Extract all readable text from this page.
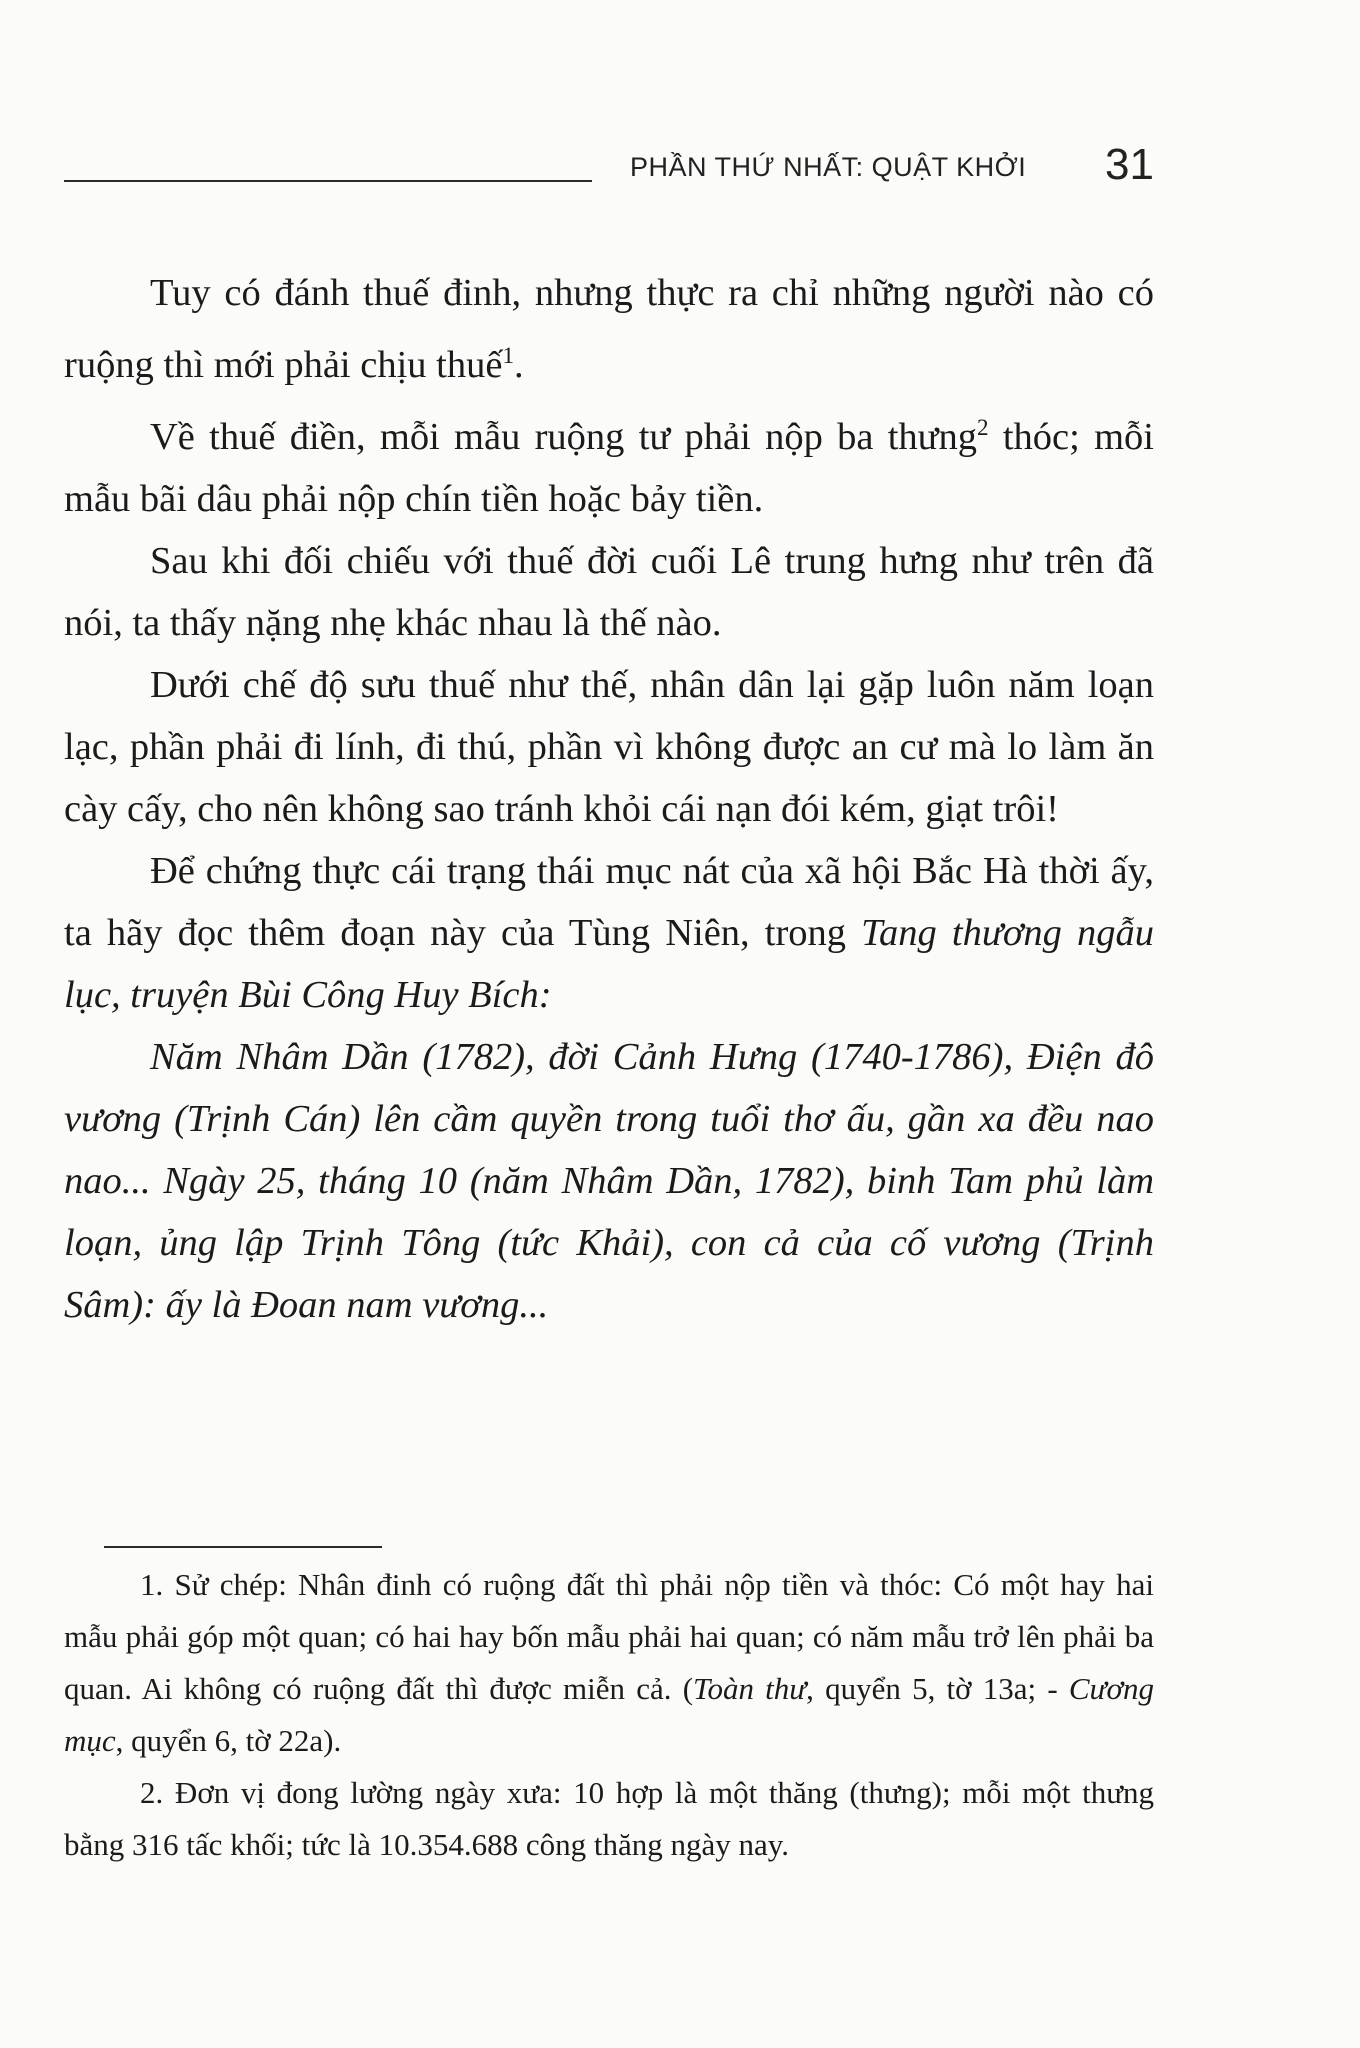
PHẦN THỨ NHẤT: QUẬT KHỞI 31

Tuy có đánh thuế đinh, nhưng thực ra chỉ những người nào có ruộng thì mới phải chịu thuế$^1$.

Về thuế điền, mỗi mẫu ruộng tư phải nộp ba thưng$^2$ thóc; mỗi mẫu bãi dâu phải nộp chín tiền hoặc bảy tiền.

Sau khi đối chiếu với thuế đời cuối Lê trung hưng như trên đã nói, ta thấy nặng nhẹ khác nhau là thế nào.

Dưới chế độ sưu thuế như thế, nhân dân lại gặp luôn năm loạn lạc, phần phải đi lính, đi thú, phần vì không được an cư mà lo làm ăn cày cấy, cho nên không sao tránh khỏi cái nạn đói kém, giạt trôi!

Để chứng thực cái trạng thái mục nát của xã hội Bắc Hà thời ấy, ta hãy đọc thêm đoạn này của Tùng Niên, trong Tang thương ngẫu lục, truyện Bùi Công Huy Bích:

Năm Nhâm Dần (1782), đời Cảnh Hưng (1740-1786), Điện đô vương (Trịnh Cán) lên cầm quyền trong tuổi thơ ấu, gần xa đều nao nao... Ngày 25, tháng 10 (năm Nhâm Dần, 1782), binh Tam phủ làm loạn, ủng lập Trịnh Tông (tức Khải), con cả của cố vương (Trịnh Sâm): ấy là Đoan nam vương...

1. Sử chép: Nhân đinh có ruộng đất thì phải nộp tiền và thóc: Có một hay hai mẫu phải góp một quan; có hai hay bốn mẫu phải hai quan; có năm mẫu trở lên phải ba quan. Ai không có ruộng đất thì được miễn cả. (Toàn thư, quyển 5, tờ 13a; - Cương mục, quyển 6, tờ 22a).

2. Đơn vị đong lường ngày xưa: 10 hợp là một thăng (thưng); mỗi một thưng bằng 316 tấc khối; tức là 10.354.688 công thăng ngày nay.
